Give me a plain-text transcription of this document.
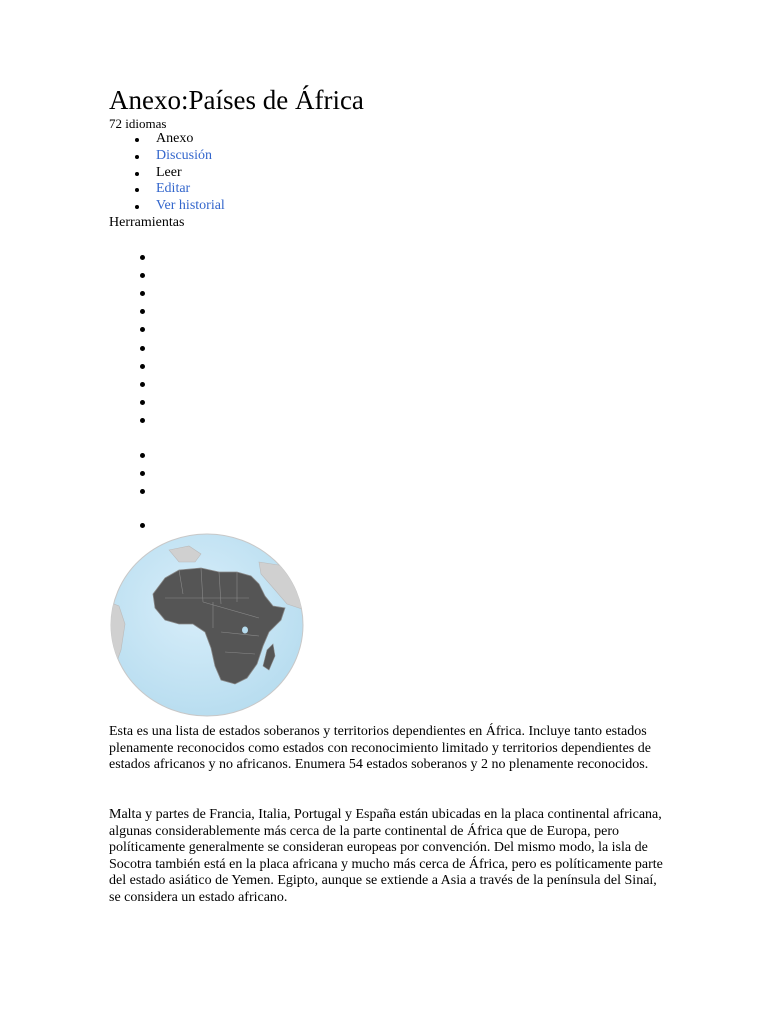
Anexo:Países de África
72 idiomas
Anexo
Discusión
Leer
Editar
Ver historial
Herramientas

Esta es una lista de estados soberanos y territorios dependientes en África. Incluye tanto estados plenamente reconocidos como estados con reconocimiento limitado y territorios dependientes de estados africanos y no africanos. Enumera 54 estados soberanos y 2 no plenamente reconocidos.

Malta y partes de Francia, Italia, Portugal y España están ubicadas en la placa continental africana, algunas considerablemente más cerca de la parte continental de África que de Europa, pero políticamente generalmente se consideran europeas por convención. Del mismo modo, la isla de Socotra también está en la placa africana y mucho más cerca de África, pero es políticamente parte del estado asiático de Yemen. Egipto, aunque se extiende a Asia a través de la península del Sinaí, se considera un estado africano.
